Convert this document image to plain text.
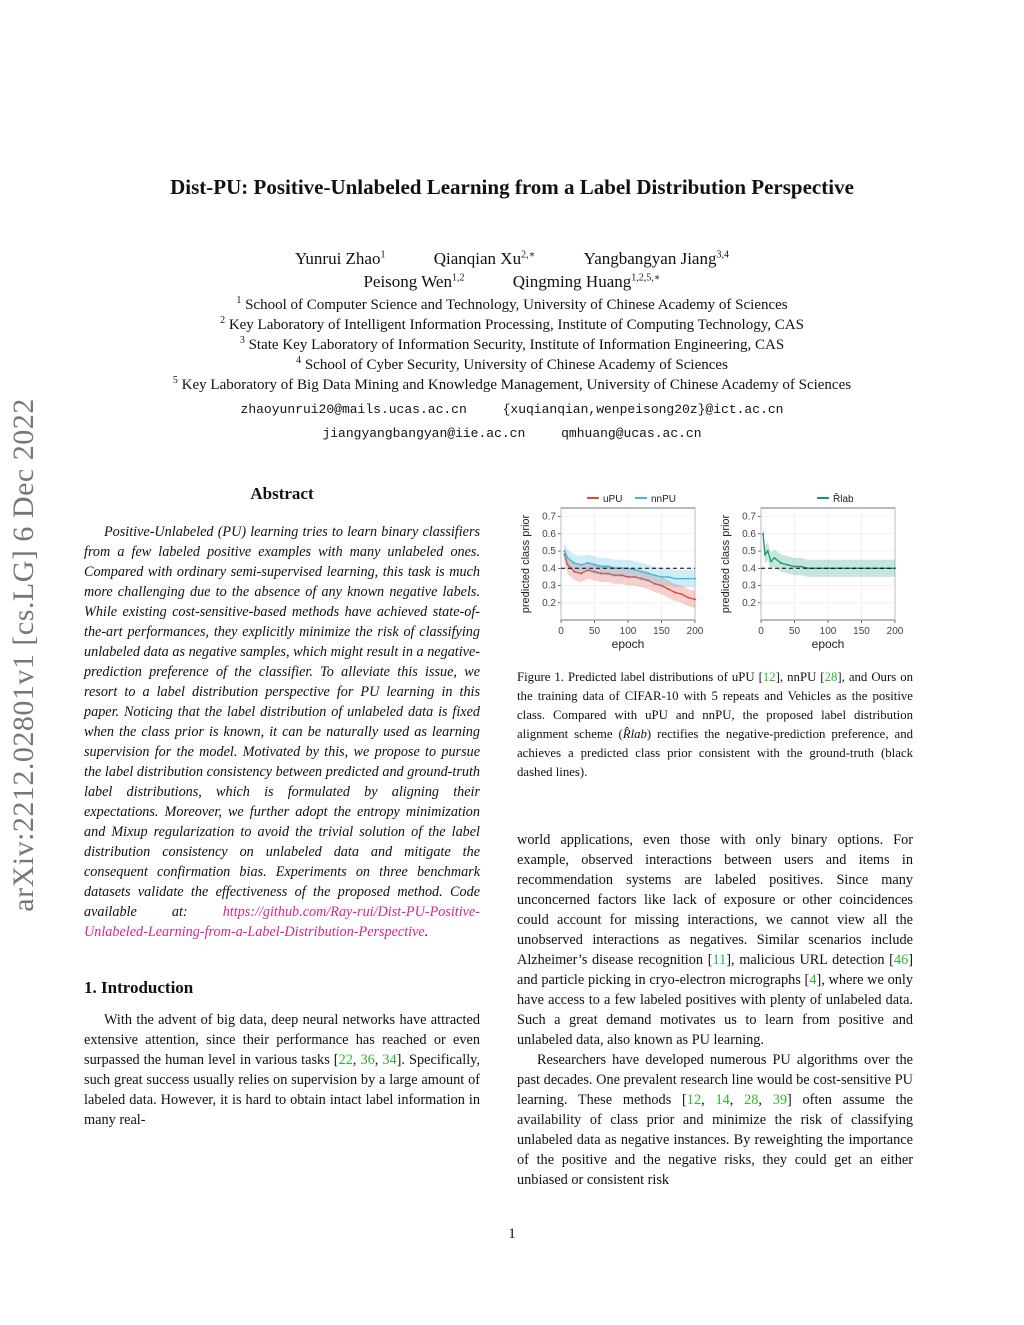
arXiv:2212.02801v1 [cs.LG] 6 Dec 2022
Dist-PU: Positive-Unlabeled Learning from a Label Distribution Perspective
Yunrui Zhao$^1$	Qianqian $Xu^{2,∗}$	Yangbangyan Jiang$^{3,4}$
Peisong Wen$^{1,2}$	Qingming Huang$^{1,2,5,∗}$
$^1$ School of Computer Science and Technology, University of Chinese Academy of Sciences
$^2$ Key Laboratory of Intelligent Information Processing, Institute of Computing Technology, CAS
$^3$ State Key Laboratory of Information Security, Institute of Information Engineering, CAS
$^4$ School of Cyber Security, University of Chinese Academy of Sciences
$^5$ Key Laboratory of Big Data Mining and Knowledge Management, University of Chinese Academy of Sciences
zhaoyunrui20@mails.ucas.ac.cn	{xuqianqian,wenpeisong20z}@ict.ac.cn
jiangyangbangyan@iie.ac.cn	qmhuang@ucas.ac.cn
Abstract

Positive-Unlabeled (PU) learning tries to learn binary classifiers from a few labeled positive examples with many unlabeled ones. Compared with ordinary semi-supervised learning, this task is much more challenging due to the absence of any known negative labels. While existing cost-sensitive-based methods have achieved state-of-the-art performances, they explicitly minimize the risk of classifying unlabeled data as negative samples, which might result in a negative-prediction preference of the classifier. To alleviate this issue, we resort to a label distribution perspective for PU learning in this paper. Noticing that the label distribution of unlabeled data is fixed when the class prior is known, it can be naturally used as learning supervision for the model. Motivated by this, we propose to pursue the label distribution consistency between predicted and ground-truth label distributions, which is formulated by aligning their expectations. Moreover, we further adopt the entropy minimization and Mixup regularization to avoid the trivial solution of the label distribution consistency on unlabeled data and mitigate the consequent confirmation bias. Experiments on three benchmark datasets validate the effectiveness of the proposed method. Code available at: https://github.com/Ray-rui/Dist-PU-Positive-Unlabeled-Learning-from-a-Label-Distribution-Perspective.

1. Introduction

With the advent of big data, deep neural networks have attracted extensive attention, since their performance has reached or even surpassed the human level in various tasks [22, 36, 34]. Specifically, such great success usually relies on supervision by a large amount of labeled data. However, it is hard to obtain intact label information in many real-

0.2
0.3
0.4
0.5
0.6
0.7
0	50 100 150 200
epoch
predicted class prior
uPU	nnPU
0.2
0.3
0.4
0.5
0.6
0.7
0	50 100 150 200
epoch
predicted class prior
R̂lab
Figure 1. Predicted label distributions of uPU [12], nnPU [28], and Ours on the training data of CIFAR-10 with 5 repeats and Vehicles as the positive class. Compared with uPU and nnPU, the proposed label distribution alignment scheme (R̂lab) rectifies the negative-prediction preference, and achieves a predicted class prior consistent with the ground-truth (black dashed lines).

world applications, even those with only binary options. For example, observed interactions between users and items in recommendation systems are labeled positives. Since many unconcerned factors like lack of exposure or other coincidences could account for missing interactions, we cannot view all the unobserved interactions as negatives. Similar scenarios include Alzheimer’s disease recognition [11], malicious URL detection [46] and particle picking in cryo-electron micrographs [4], where we only have access to a few labeled positives with plenty of unlabeled data. Such a great demand motivates us to learn from positive and unlabeled data, also known as PU learning.

Researchers have developed numerous PU algorithms over the past decades. One prevalent research line would be cost-sensitive PU learning. These methods [12, 14, 28, 39] often assume the availability of class prior and minimize the risk of classifying unlabeled data as negative instances. By reweighting the importance of the positive and the negative risks, they could get an either unbiased or consistent risk

1
